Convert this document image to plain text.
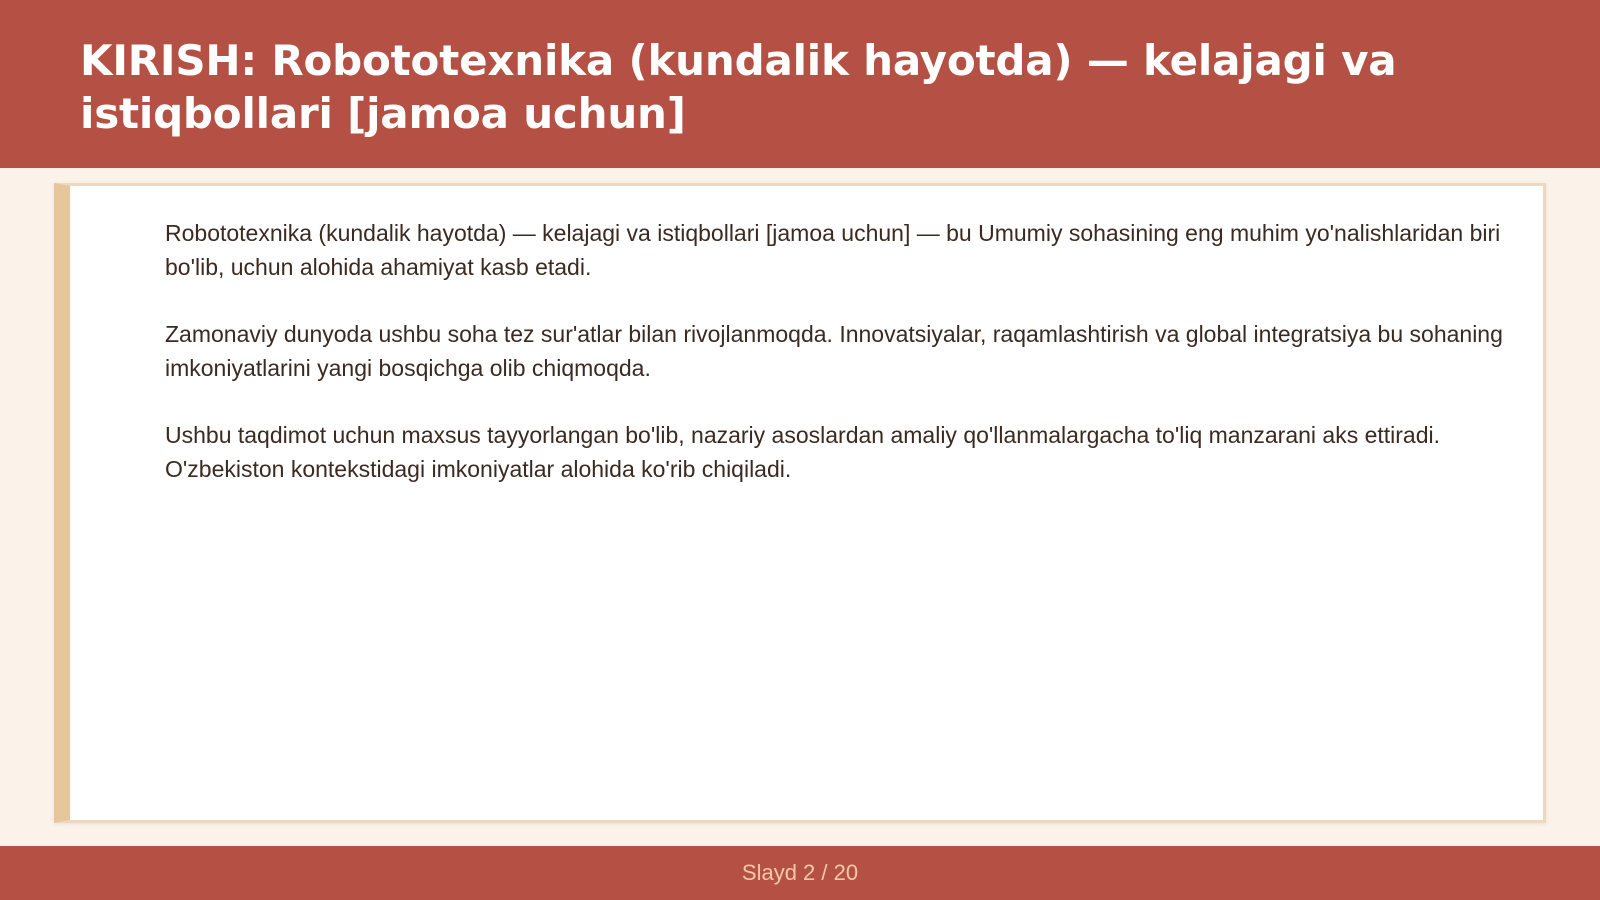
KIRISH: Robototexnika (kundalik hayotda) — kelajagi va istiqbollari [jamoa uchun]

Robototexnika (kundalik hayotda) — kelajagi va istiqbollari [jamoa uchun] — bu Umumiy sohasining eng muhim yo'nalishlaridan biri bo'lib, uchun alohida ahamiyat kasb etadi.

Zamonaviy dunyoda ushbu soha tez sur'atlar bilan rivojlanmoqda. Innovatsiyalar, raqamlashtirish va global integratsiya bu sohaning imkoniyatlarini yangi bosqichga olib chiqmoqda.

Ushbu taqdimot uchun maxsus tayyorlangan bo'lib, nazariy asoslardan amaliy qo'llanmalargacha to'liq manzarani aks ettiradi. O'zbekiston kontekstidagi imkoniyatlar alohida ko'rib chiqiladi.

Slayd 2 / 20
